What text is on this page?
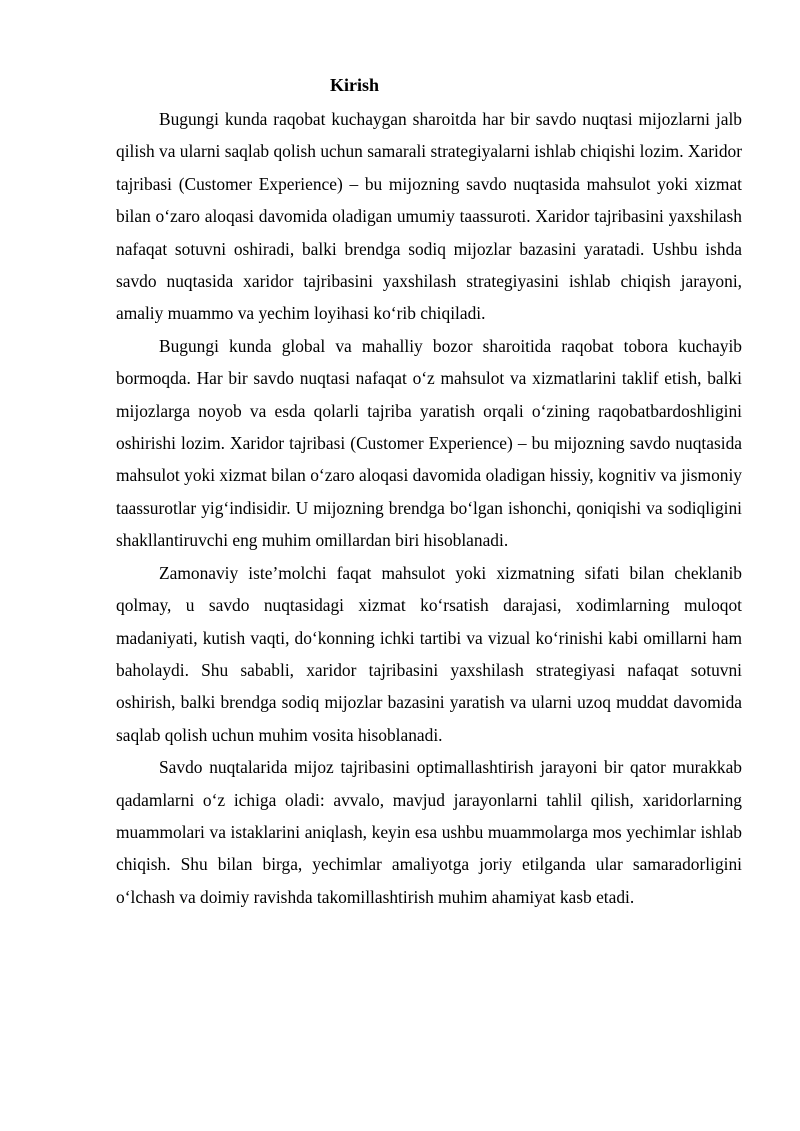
Kirish

Bugungi kunda raqobat kuchaygan sharoitda har bir savdo nuqtasi mijozlarni jalb qilish va ularni saqlab qolish uchun samarali strategiyalarni ishlab chiqishi lozim. Xaridor tajribasi (Customer Experience) – bu mijozning savdo nuqtasida mahsulot yoki xizmat bilan oʻzaro aloqasi davomida oladigan umumiy taassuroti. Xaridor tajribasini yaxshilash nafaqat sotuvni oshiradi, balki brendga sodiq mijozlar bazasini yaratadi. Ushbu ishda savdo nuqtasida xaridor tajribasini yaxshilash strategiyasini ishlab chiqish jarayoni, amaliy muammo va yechim loyihasi koʻrib chiqiladi.

Bugungi kunda global va mahalliy bozor sharoitida raqobat tobora kuchayib bormoqda. Har bir savdo nuqtasi nafaqat oʻz mahsulot va xizmatlarini taklif etish, balki mijozlarga noyob va esda qolarli tajriba yaratish orqali oʻzining raqobatbardoshligini oshirishi lozim. Xaridor tajribasi (Customer Experience) – bu mijozning savdo nuqtasida mahsulot yoki xizmat bilan oʻzaro aloqasi davomida oladigan hissiy, kognitiv va jismoniy taassurotlar yigʻindisidir. U mijozning brendga boʻlgan ishonchi, qoniqishi va sodiqligini shakllantiruvchi eng muhim omillardan biri hisoblanadi.

Zamonaviy isteʼmolchi faqat mahsulot yoki xizmatning sifati bilan cheklanib qolmay, u savdo nuqtasidagi xizmat koʻrsatish darajasi, xodimlarning muloqot madaniyati, kutish vaqti, doʻkonning ichki tartibi va vizual koʻrinishi kabi omillarni ham baholaydi. Shu sababli, xaridor tajribasini yaxshilash strategiyasi nafaqat sotuvni oshirish, balki brendga sodiq mijozlar bazasini yaratish va ularni uzoq muddat davomida saqlab qolish uchun muhim vosita hisoblanadi.

Savdo nuqtalarida mijoz tajribasini optimallashtirish jarayoni bir qator murakkab qadamlarni oʻz ichiga oladi: avvalo, mavjud jarayonlarni tahlil qilish, xaridorlarning muammolari va istaklarini aniqlash, keyin esa ushbu muammolarga mos yechimlar ishlab chiqish. Shu bilan birga, yechimlar amaliyotga joriy etilganda ular samaradorligini oʻlchash va doimiy ravishda takomillashtirish muhim ahamiyat kasb etadi.
